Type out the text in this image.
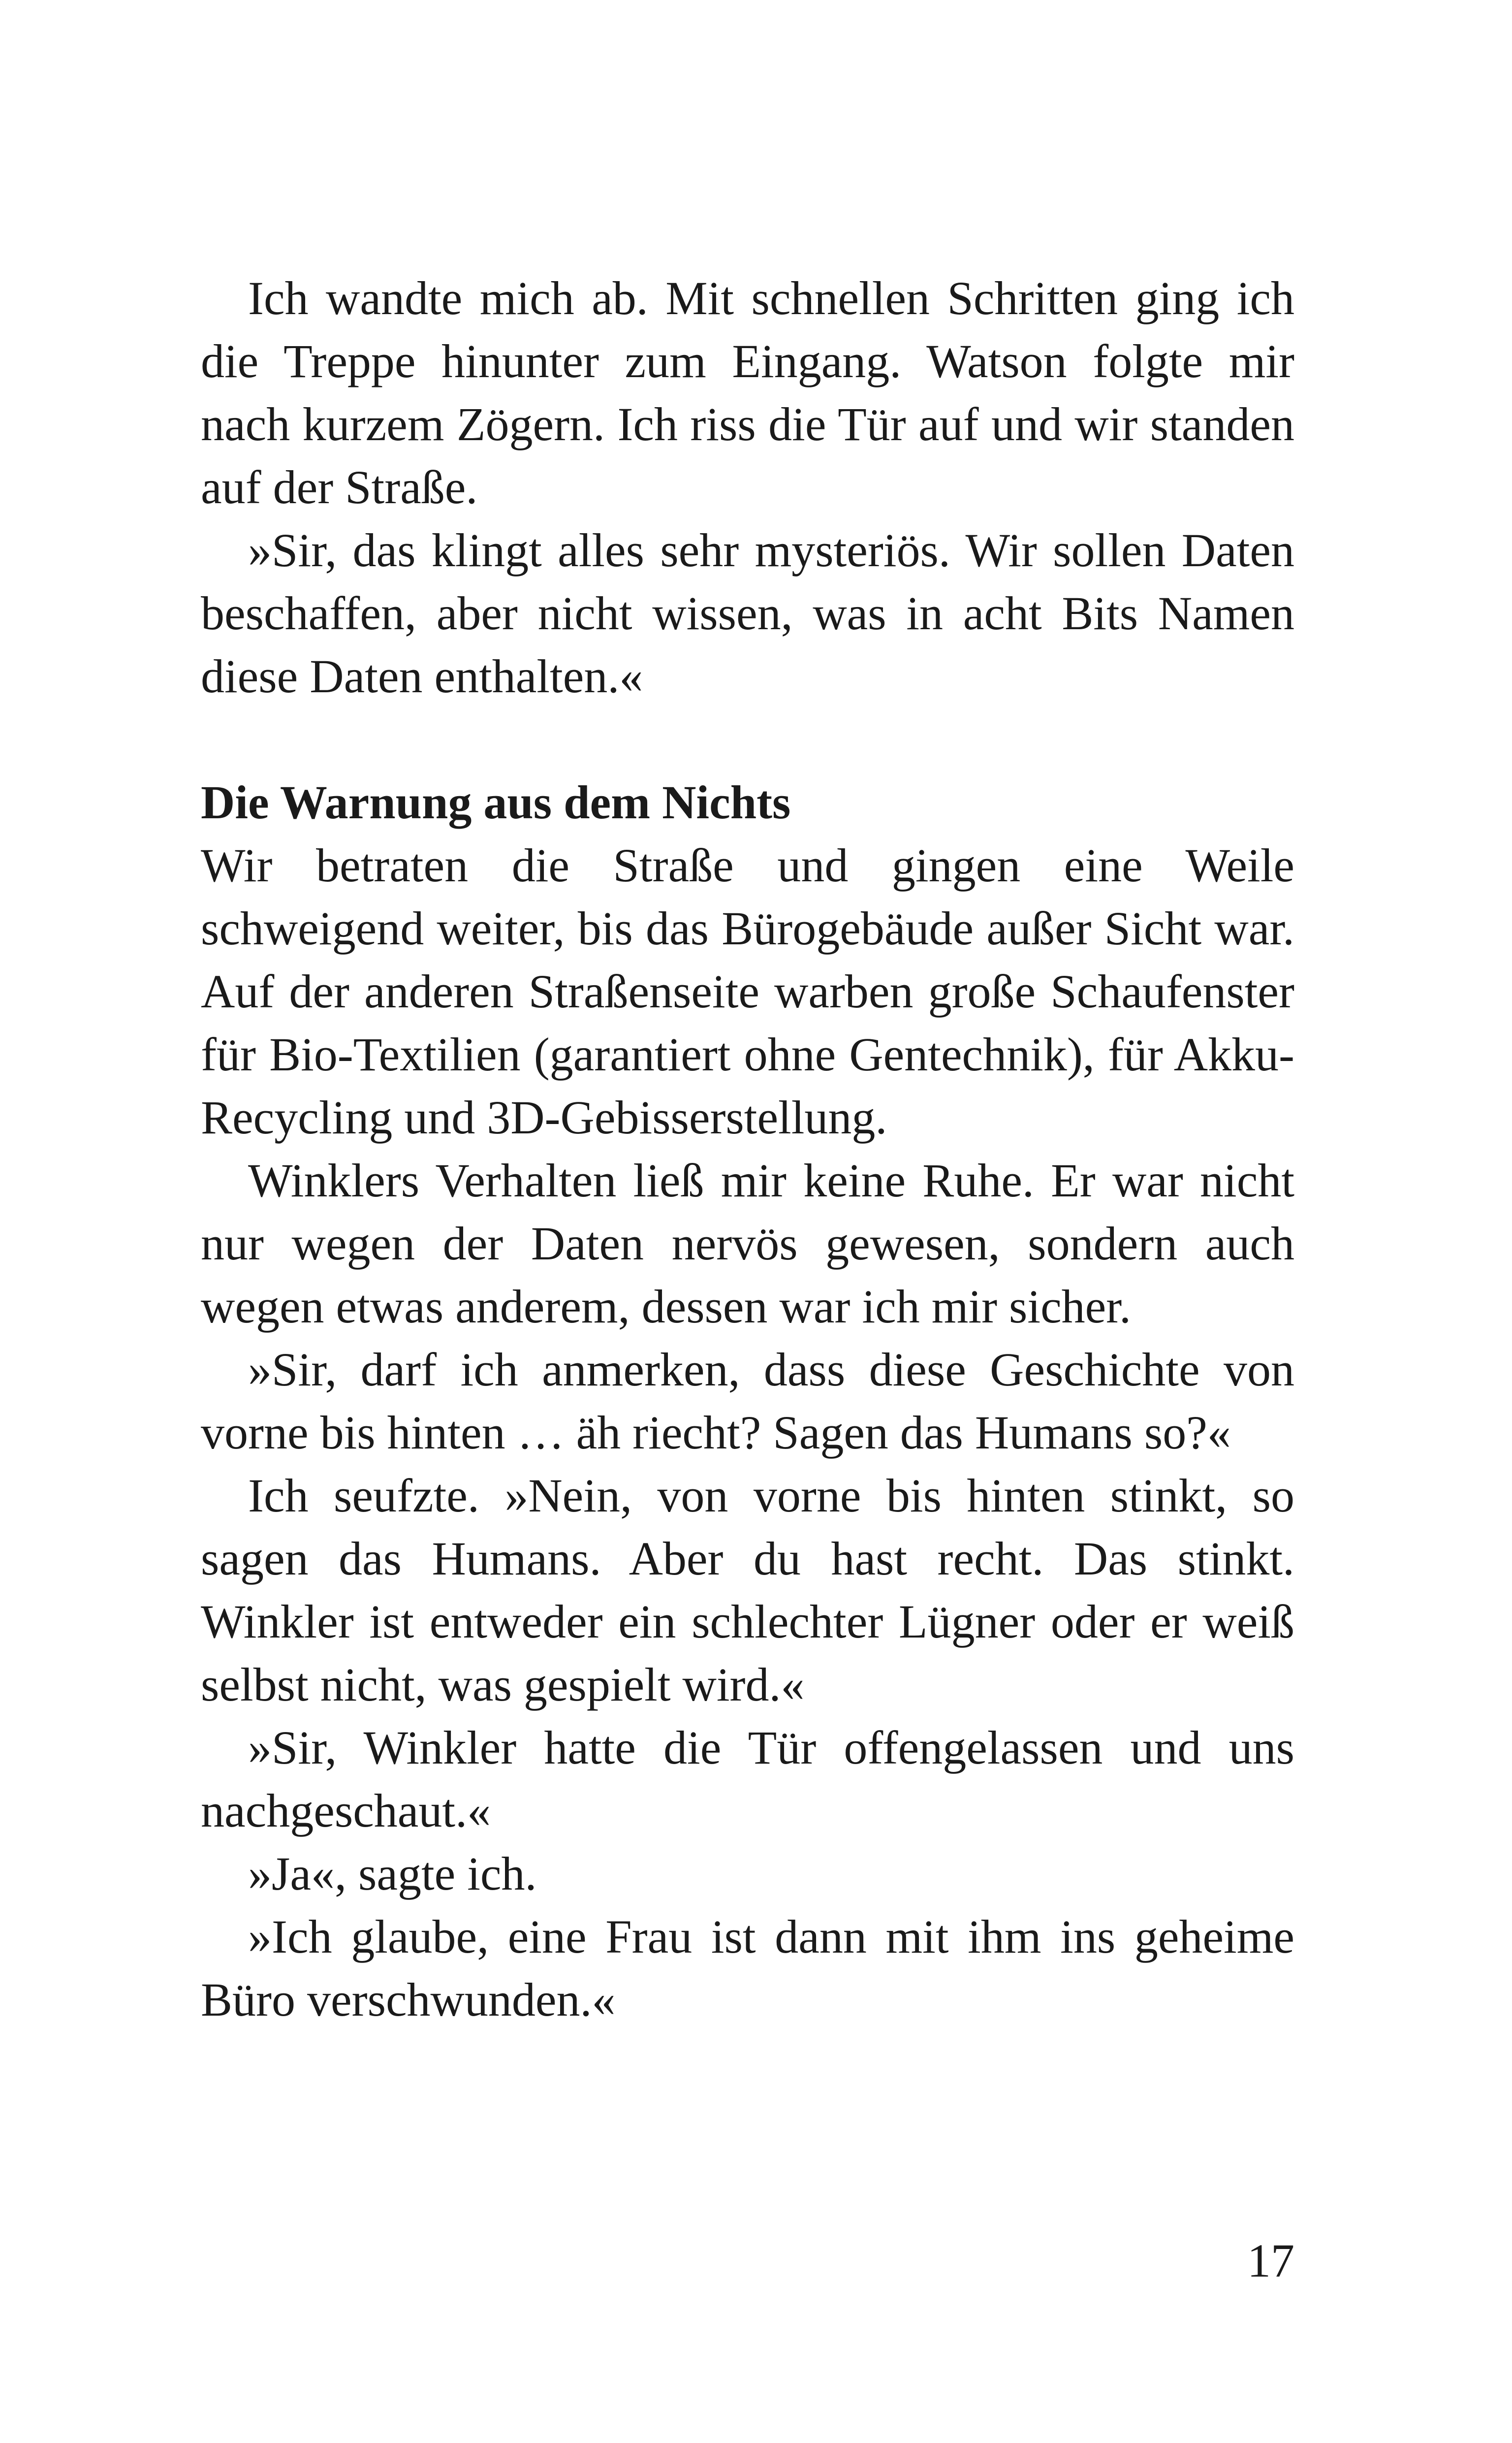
Ich wandte mich ab. Mit schnellen Schritten ging ich die Treppe hinunter zum Eingang. Watson folgte mir nach kurzem Zögern. Ich riss die Tür auf und wir standen auf der Straße.

»Sir, das klingt alles sehr mysteriös. Wir sollen Daten beschaffen, aber nicht wissen, was in acht Bits Namen diese Daten enthalten.«

Die Warnung aus dem Nichts

Wir betraten die Straße und gingen eine Weile schweigend weiter, bis das Bürogebäude außer Sicht war. Auf der anderen Straßenseite warben große Schaufenster für Bio-Textilien (garantiert ohne Gentechnik), für Akku-Recycling und 3D-Gebisserstellung.

Winklers Verhalten ließ mir keine Ruhe. Er war nicht nur wegen der Daten nervös gewesen, sondern auch wegen etwas anderem, dessen war ich mir sicher.

»Sir, darf ich anmerken, dass diese Geschichte von vorne bis hinten … äh riecht? Sagen das Humans so?«

Ich seufzte. »Nein, von vorne bis hinten stinkt, so sagen das Humans. Aber du hast recht. Das stinkt. Winkler ist entweder ein schlechter Lügner oder er weiß selbst nicht, was gespielt wird.«

»Sir, Winkler hatte die Tür offengelassen und uns nachgeschaut.«

»Ja«, sagte ich.

»Ich glaube, eine Frau ist dann mit ihm ins geheime Büro verschwunden.«

17
